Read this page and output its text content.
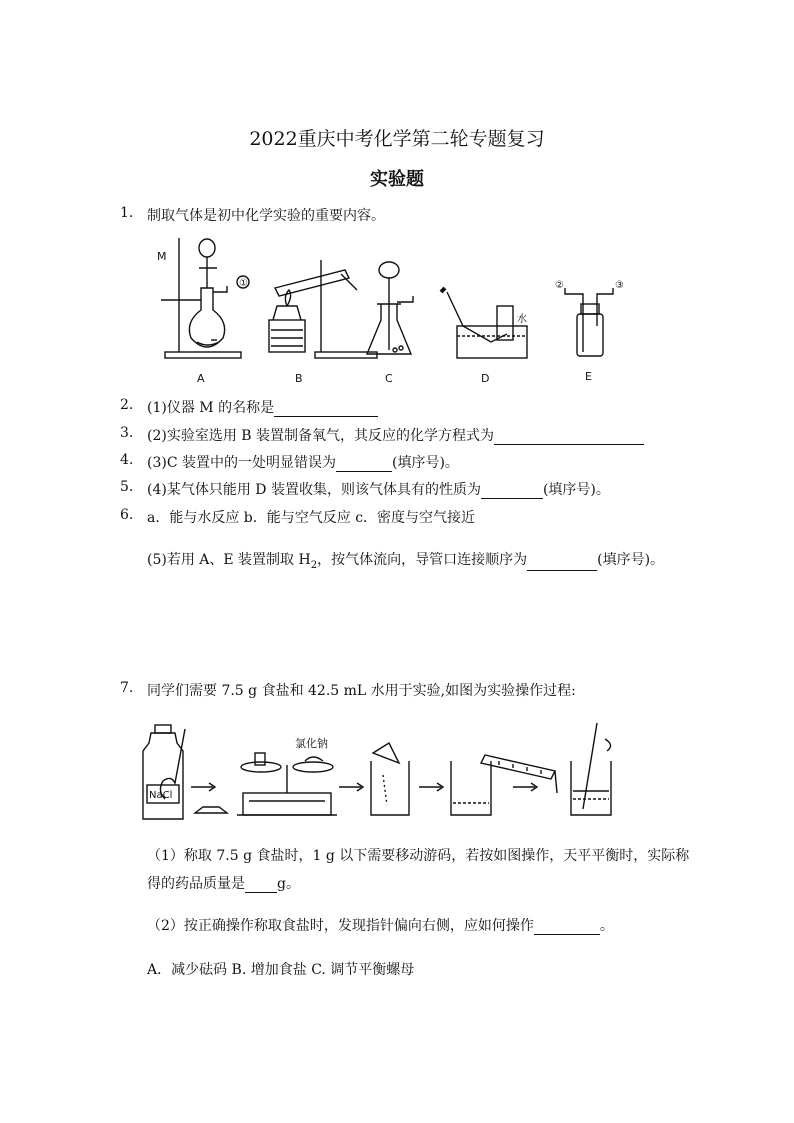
2022重庆中考化学第二轮专题复习
实验题
1. 制取气体是初中化学实验的重要内容。
M
①
A	B	C
水
D
②	③
E
2. (1)仪器 M 的名称是
3. (2)实验室选用 B 装置制备氧气，其反应的化学方程式为
4. (3)C 装置中的一处明显错误为	(填序号)。
5. (4)某气体只能用 D 装置收集，则该气体具有的性质为	(填序号)。
6. a．能与水反应 b．能与空气反应 c．密度与空气接近
(5)若用 A、E 装置制取 $H_2$，按气体流向，导管口连接顺序为	(填序号)。
7. 同学们需要 7.5 g 食盐和 42.5 mL 水用于实验,如图为实验操作过程:
NaCl
氯化钠
（1）称取 7.5 g 食盐时，1 g 以下需要移动游码，若按如图操作，天平平衡时，实际称
得的药品质量是 g。
（2）按正确操作称取食盐时，发现指针偏向右侧，应如何操作	。
A．减少砝码 B. 增加食盐 C. 调节平衡螺母
